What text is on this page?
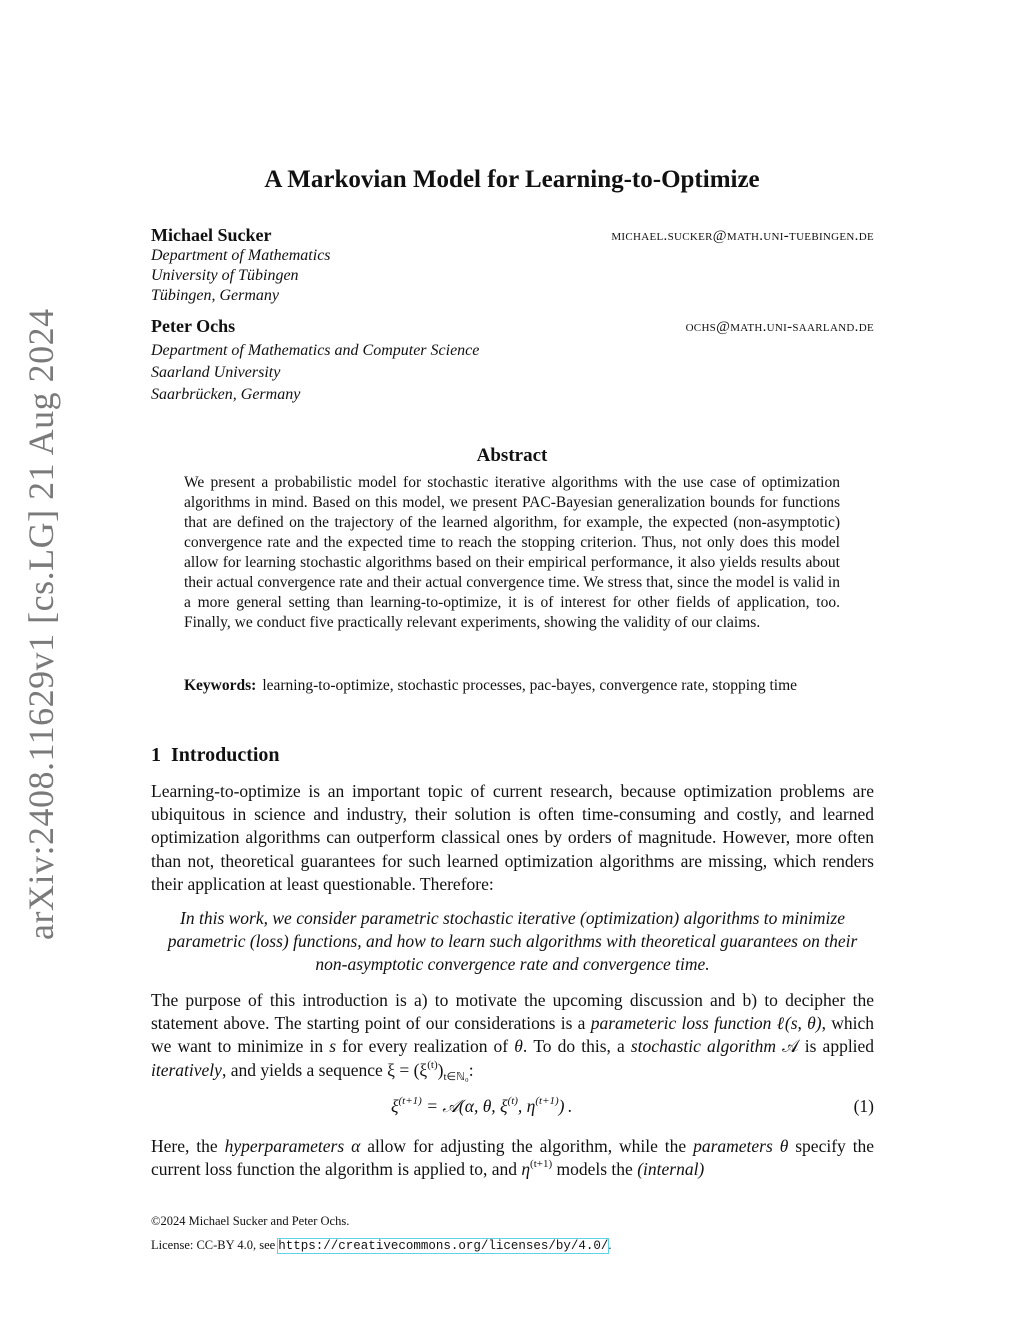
arXiv:2408.11629v1 [cs.LG] 21 Aug 2024
A Markovian Model for Learning-to-Optimize
Michael Sucker	michael.sucker@math.uni-tuebingen.de
Department of Mathematics
University of Tübingen
Tübingen, Germany
Peter Ochs	ochs@math.uni-saarland.de
Department of Mathematics and Computer Science
Saarland University
Saarbrücken, Germany
Abstract
We present a probabilistic model for stochastic iterative algorithms with the use case of optimization algorithms in mind. Based on this model, we present PAC-Bayesian generalization bounds for functions that are defined on the trajectory of the learned algorithm, for example, the expected (non-asymptotic) convergence rate and the expected time to reach the stopping criterion. Thus, not only does this model allow for learning stochastic algorithms based on their empirical performance, it also yields results about their actual convergence rate and their actual convergence time. We stress that, since the model is valid in a more general setting than learning-to-optimize, it is of interest for other fields of application, too. Finally, we conduct five practically relevant experiments, showing the validity of our claims.
Keywords: learning-to-optimize, stochastic processes, pac-bayes, convergence rate, stopping time
1 Introduction
Learning-to-optimize is an important topic of current research, because optimization problems are ubiquitous in science and industry, their solution is often time-consuming and costly, and learned optimization algorithms can outperform classical ones by orders of magnitude. However, more often than not, theoretical guarantees for such learned optimization algorithms are missing, which renders their application at least questionable. Therefore:
In this work, we consider parametric stochastic iterative (optimization) algorithms to minimize parametric (loss) functions, and how to learn such algorithms with theoretical guarantees on their non-asymptotic convergence rate and convergence time.
The purpose of this introduction is a) to motivate the upcoming discussion and b) to decipher the statement above. The starting point of our considerations is a parameteric loss function ℓ(s, θ), which we want to minimize in s for every realization of θ. To do this, a stochastic algorithm 𝒜 is applied iteratively, and yields a sequence $\xi = (\xi^{(t)})_{t\in ℕ_0}$:
$\xi^{(t+1)}$ = 𝒜(α, θ, $\xi^{(t)}$, $\eta^{(t+1)}$) .	(1)
Here, the hyperparameters α allow for adjusting the algorithm, while the parameters θ specify the current loss function the algorithm is applied to, and $\eta^{(t+1)}$ models the (internal)
©2024 Michael Sucker and Peter Ochs.
License: CC-BY 4.0, see https://creativecommons.org/licenses/by/4.0/.
